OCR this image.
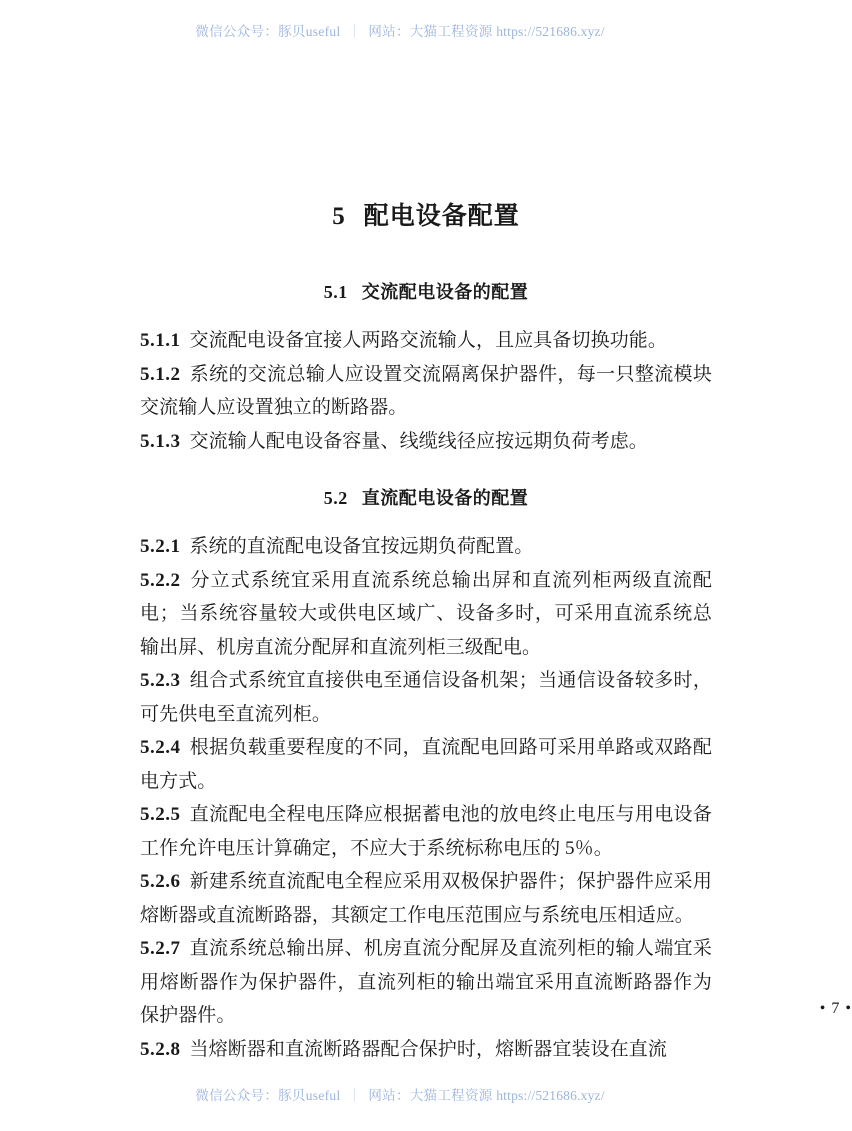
微信公众号：豚贝useful ｜ 网站：大猫工程资源 https://521686.xyz/
5 配电设备配置
5.1 交流配电设备的配置

5.1.1 交流配电设备宜接人两路交流输人，且应具备切换功能。

5.1.2 系统的交流总输人应设置交流隔离保护器件，每一只整流模块交流输人应设置独立的断路器。

5.1.3 交流输人配电设备容量、线缆线径应按远期负荷考虑。

5.2 直流配电设备的配置

5.2.1 系统的直流配电设备宜按远期负荷配置。

5.2.2 分立式系统宜采用直流系统总输出屏和直流列柜两级直流配电；当系统容量较大或供电区域广、设备多时，可采用直流系统总输出屏、机房直流分配屏和直流列柜三级配电。

5.2.3 组合式系统宜直接供电至通信设备机架；当通信设备较多时，可先供电至直流列柜。

5.2.4 根据负载重要程度的不同，直流配电回路可采用单路或双路配电方式。

5.2.5 直流配电全程电压降应根据蓄电池的放电终止电压与用电设备工作允许电压计算确定，不应大于系统标称电压的 5％。

5.2.6 新建系统直流配电全程应采用双极保护器件；保护器件应采用熔断器或直流断路器，其额定工作电压范围应与系统电压相适应。

5.2.7 直流系统总输出屏、机房直流分配屏及直流列柜的输人端宜采用熔断器作为保护器件，直流列柜的输出端宜采用直流断路器作为保护器件。

5.2.8 当熔断器和直流断路器配合保护时，熔断器宜装设在直流

• 7 •
微信公众号：豚贝useful ｜ 网站：大猫工程资源 https://521686.xyz/
